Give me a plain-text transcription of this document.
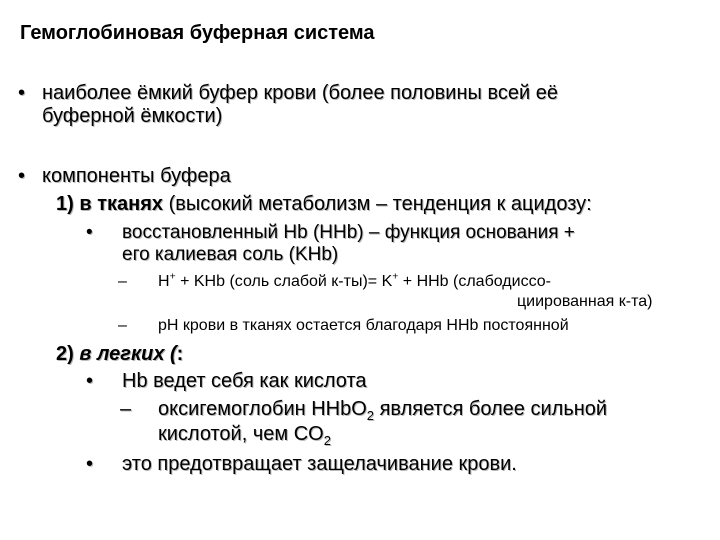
Гемоглобиновая буферная система
• наиболее ёмкий буфер крови (более половины всей её
буферной ёмкости)
• компоненты буфера
1) в тканях (высокий метаболизм – тенденция к ацидозу:
• восстановленный Hb (HHb) – функция основания +
его калиевая соль (KHb)
– H+ + KHb (соль слабой к-ты)= K+ + HHb (слабодиссо-
циированная к-та)
– pH крови в тканях остается благодаря HHb постоянной
2) в легких (:
• Hb ведет себя как кислота
– оксигемоглобин HHbO$_2$ является более сильной
кислотой, чем $CO_2$
• это предотвращает защелачивание крови.
